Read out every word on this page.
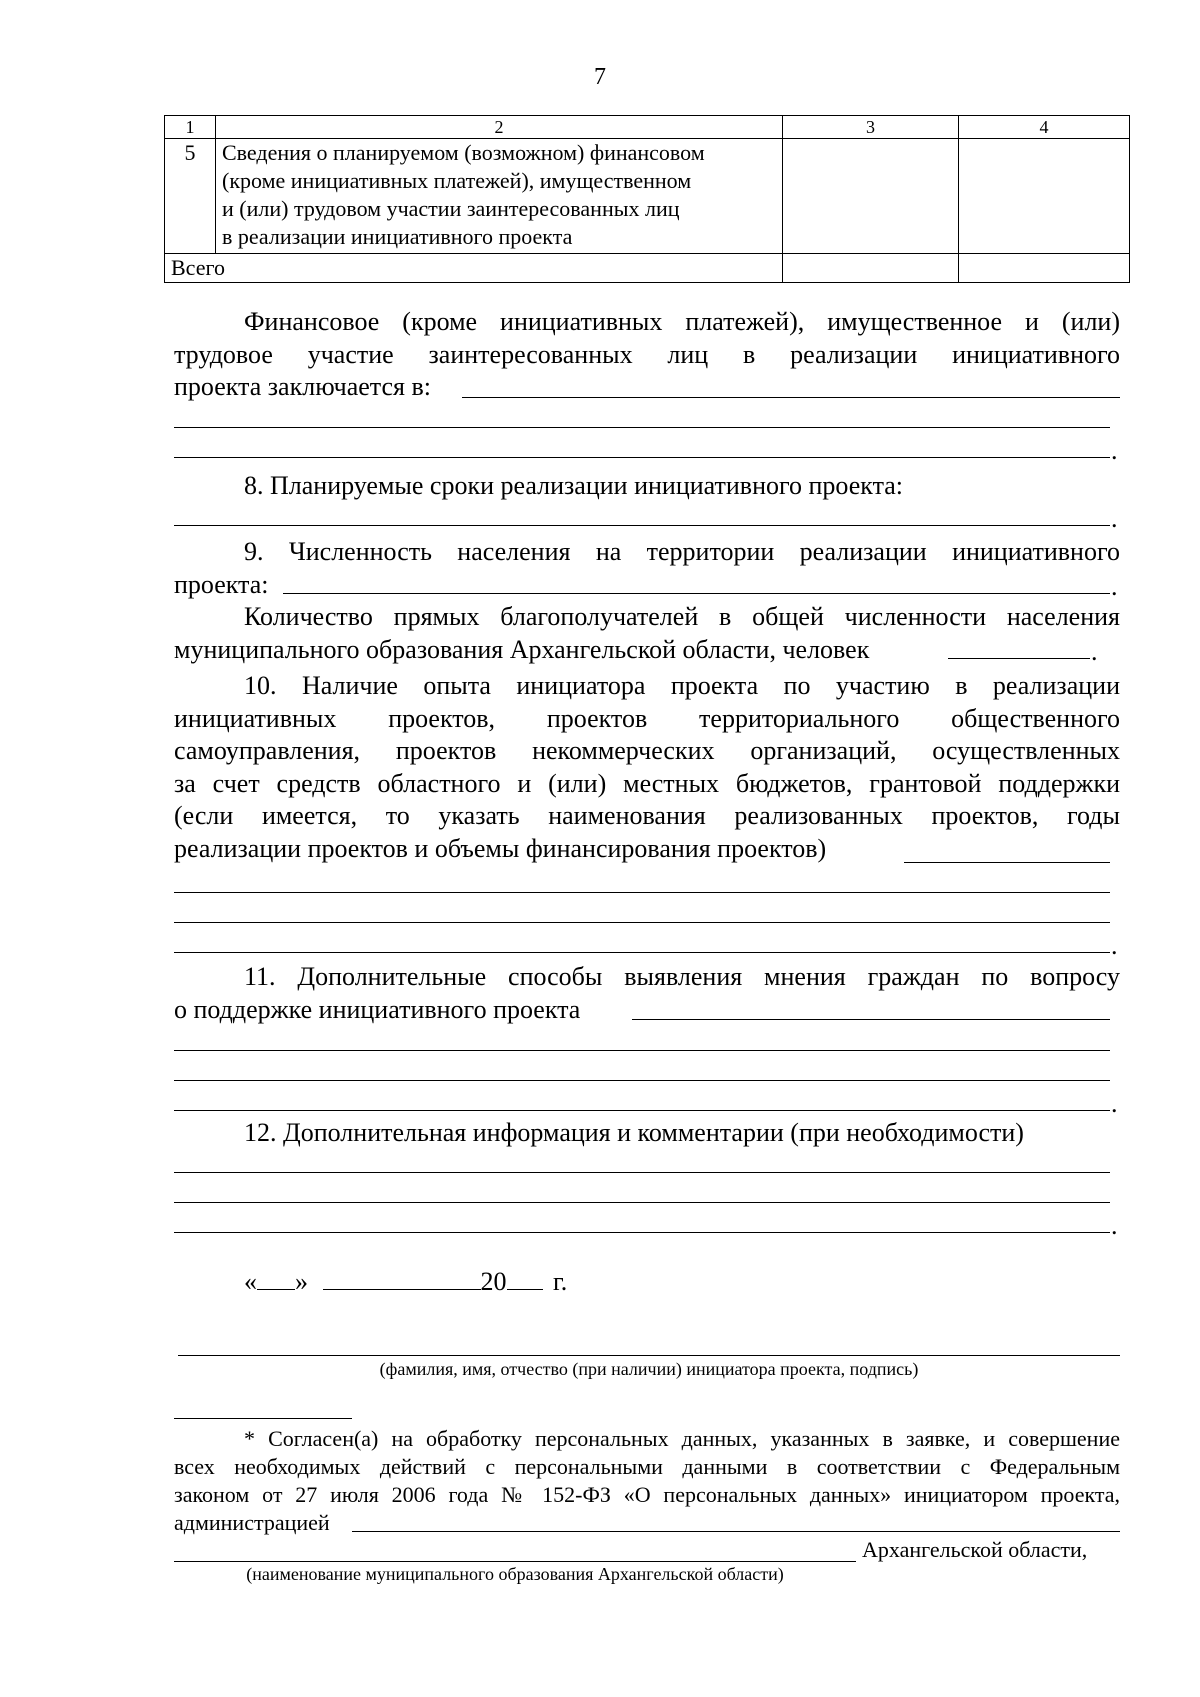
7
1	2	3	4
5	Сведения о планируемом (возможном) финансовом
(кроме инициативных платежей), имущественном
и (или) трудовом участии заинтересованных лиц
в реализации инициативного проекта		

Всего			
Финансовое (кроме инициативных платежей), имущественное и (или)
трудовое участие заинтересованных лиц в реализации инициативного
проекта заключается в:
.
8. Планируемые сроки реализации инициативного проекта:
.
9. Численность населения на территории реализации инициативного
проекта:
Количество прямых благополучателей в общей численности населения
муниципального образования Архангельской области, человек
.
.
10. Наличие опыта инициатора проекта по участию в реализации
инициативных проектов, проектов территориального общественного
самоуправления, проектов некоммерческих организаций, осуществленных
за счет средств областного и (или) местных бюджетов, грантовой поддержки
(если имеется, то указать наименования реализованных проектов, годы
реализации проектов и объемы финансирования проектов)
.
11. Дополнительные способы выявления мнения граждан по вопросу
о поддержке инициативного проекта
.
12. Дополнительная информация и комментарии (при необходимости)
.
« »	20 г.
(фамилия, имя, отчество (при наличии) инициатора проекта, подпись)
* Согласен(а) на обработку персональных данных, указанных в заявке, и совершение
всех необходимых действий с персональными данными в соответствии с Федеральным
законом от 27 июля 2006 года № 152-ФЗ «О персональных данных» инициатором проекта,
администрацией
Архангельской области,
(наименование муниципального образования Архангельской области)
